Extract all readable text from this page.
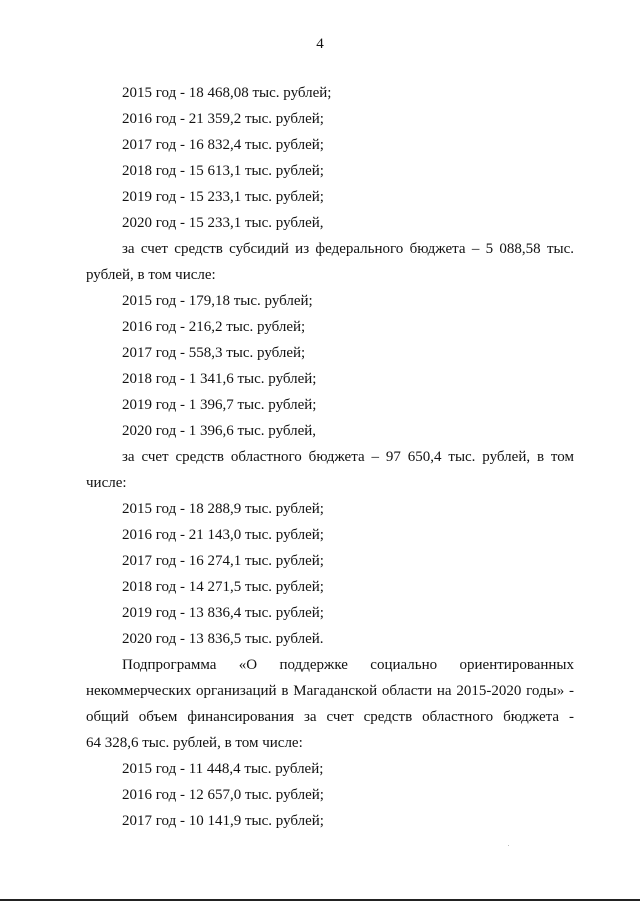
4
2015 год - 18 468,08 тыс. рублей;
2016 год - 21 359,2 тыс. рублей;
2017 год - 16 832,4 тыс. рублей;
2018 год - 15 613,1 тыс. рублей;
2019 год - 15 233,1 тыс. рублей;
2020 год - 15 233,1 тыс. рублей,
за счет средств субсидий из федерального бюджета – 5 088,58 тыс.
рублей, в том числе:
2015 год - 179,18 тыс. рублей;
2016 год - 216,2 тыс. рублей;
2017 год - 558,3 тыс. рублей;
2018 год - 1 341,6 тыс. рублей;
2019 год - 1 396,7 тыс. рублей;
2020 год - 1 396,6 тыс. рублей,
за счет средств областного бюджета – 97 650,4 тыс. рублей, в том
числе:
2015 год - 18 288,9 тыс. рублей;
2016 год - 21 143,0 тыс. рублей;
2017 год - 16 274,1 тыс. рублей;
2018 год - 14 271,5 тыс. рублей;
2019 год - 13 836,4 тыс. рублей;
2020 год - 13 836,5 тыс. рублей.
Подпрограмма «О поддержке социально ориентированных
некоммерческих организаций в Магаданской области на 2015-2020 годы» -
общий объем финансирования за счет средств областного бюджета -
64 328,6 тыс. рублей, в том числе:
2015 год - 11 448,4 тыс. рублей;
2016 год - 12 657,0 тыс. рублей;
2017 год - 10 141,9 тыс. рублей;
